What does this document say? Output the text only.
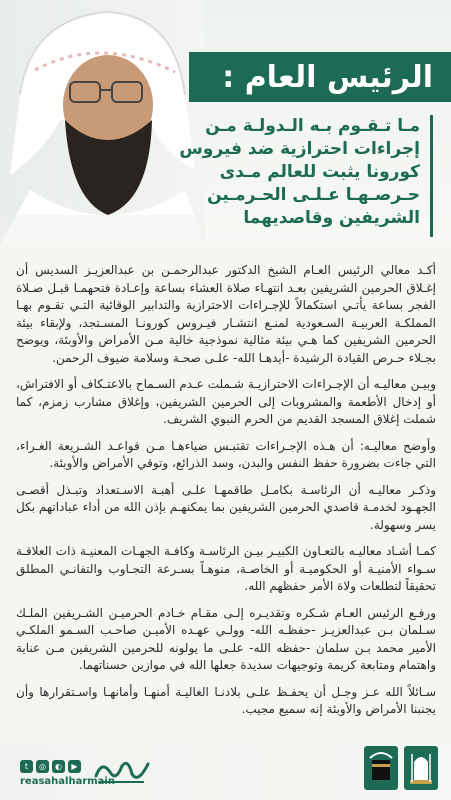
الرئيس العام :
مـا تـقـوم بـه الـدولـة مـن
إجراءات احترازية ضد فيروس
كورونا يثبت للعالم مـدى
حـرصـهـا عـلـى الحـرمـين
الشريفين وقاصديهما

أكـد معالي الرئيس العـام الشيخ الدكتور عبدالرحمـن بن عبدالعزيـز السديس أن إغـلاق الحرمين الشريفين بعـد انتهـاء صلاة العشاء بساعة وإعـادة فتحهمـا قبـل صـلاة الفجر بساعة يأتـي استكمالاً للإجـراءات الاحترازية والتدابير الوقائية التـي تقـوم بهـا المملكـة العربيـة السـعودية لمنـع انتشـار فيـروس كورونـا المسـتجد، ولإبقاء بيئة الحرمين الشريفين كما هـي بيئة مثالية نموذجية خالية مـن الأمراض والأوبئة، ويوضح بجـلاء حـرص القيادة الرشيدة -أيدهـا الله- علـى صحـة وسلامة ضيوف الرحمن.

وبيـن معاليـه أن الإجـراءات الاحترازيـة شـملت عـدم السـماح بالاعتـكاف أو الافتراش، أو إدخال الأطعمة والمشروبات إلى الحرمين الشريفين، وإغلاق مشارب زمزم، كما شملت إغلاق المسجد القديم من الحرم النبوي الشريف.

وأوضح معاليـه: أن هـذه الإجـراءات تقتبـس ضياءهـا مـن قواعـد الشـريعة الغـراء، التي جاءت بضرورة حفظ النفس والبدن، وسد الذرائع، وتوقي الأمراض والأوبئة.

وذكـر معاليـه أن الرئاسـة بكامـل طاقمهـا علـى أهبـة الاسـتعداد وتبـذل أقصـى الجهـود لخدمـة قاصدي الحرمين الشريفين بما يمكنهـم بإذن الله من أداء عباداتهم بكل يسر وسهولة.

كمـا أشـاد معاليـه بالتعـاون الكبيـر بيـن الرئاسـة وكافـة الجهـات المعنيـة ذات العلاقـة سـواء الأمنيـة أو الحكوميـة أو الخاصـة، منوهـاً بسـرعة التجـاوب والتفانـي المطلق تحقيقاً لتطلعات ولاة الأمر حفظهم الله.

ورفـع الرئيس العـام شـكره وتقديـره إلـى مقـام خـادم الحرميـن الشـريفين الملـك سـلمان بـن عبدالعزيـز -حفظـه الله- وولـي عهـده الأميـن صاحـب السـمو الملكـي الأمير محمد بـن سلمان -حفظه الله- علـى ما يولونه للحرمين الشريفين مـن عناية واهتمام ومتابعة كريمة وتوجيهات سديدة جعلها الله في موازين حسناتهما.

سـائلاً الله عـز وجـل أن يحفـظ علـى بلادنـا الغاليـة أمنهـا وأمانهـا واسـتقرارها وأن يجنبنا الأمراض والأوبئة إنه سميع مجيب.

t	◎	◐	▶
reasahalharmain
